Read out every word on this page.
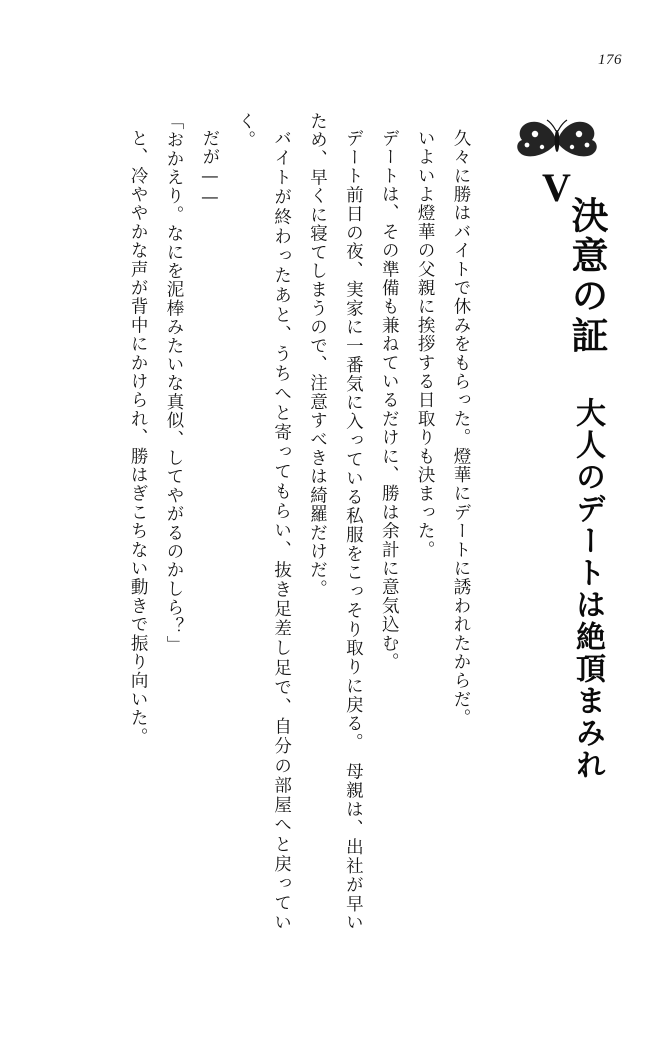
176
V
決意の証 大人のデートは絶頂まみれ

久々に勝はバイトで休みをもらった。燈華にデートに誘われたからだ。

いよいよ燈華の父親に挨拶する日取りも決まった。

デートは、その準備も兼ねているだけに、勝は余計に意気込む。

デート前日の夜、実家に一番気に入っている私服をこっそり取りに戻る。　母親は、出社が早いため、早くに寝てしまうので、注意すべきは綺羅だけだ。

バイトが終わったあと、うちへと寄ってもらい、抜き足差し足で、自分の部屋へと戻っていく。

だが——

「おかえり。なにを泥棒みたいな真似、してやがるのかしら？」

と、冷ややかな声が背中にかけられ、勝はぎこちない動きで振り向いた。
